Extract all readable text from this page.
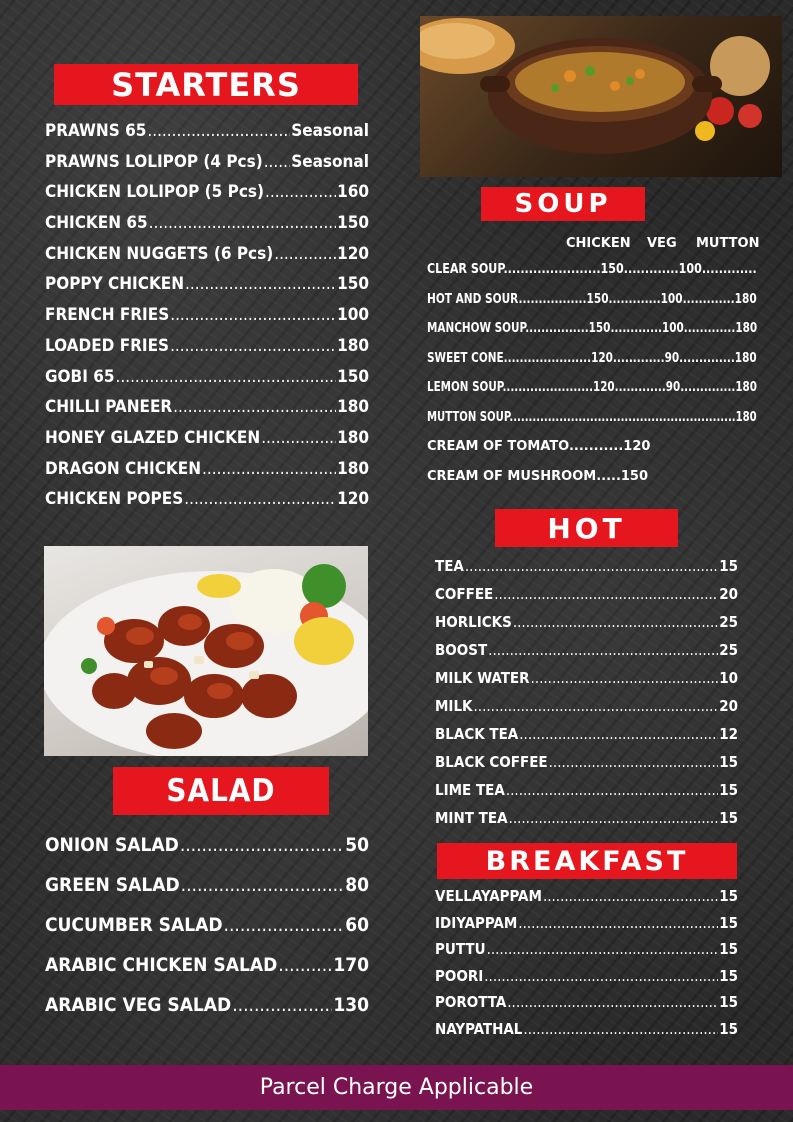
STARTERS
PRAWNS 65 .....	Seasonal
PRAWNS LOLIPOP (4 Pcs) ..... Seasonal
CHICKEN LOLIPOP (5 Pcs) .....	160
CHICKEN 65 .....	150
CHICKEN NUGGETS (6 Pcs) .....	120
POPPY CHICKEN .....	150
FRENCH FRIES .....	100
LOADED FRIES .....	180
GOBI 65 .....	150
CHILLI PANEER .....	180
HONEY GLAZED CHICKEN .....	180
DRAGON CHICKEN .....	180
CHICKEN POPES .....	120
SALAD
ONION SALAD .....	50
GREEN SALAD .....	80
CUCUMBER SALAD .....	60
ARABIC CHICKEN SALAD .....	170
ARABIC VEG SALAD .....	130
SOUP
CHICKEN VEG MUTTON
CLEAR SOUP.......................150.............100.............
HOT AND SOUR.................150.............100.............180
MANCHOW SOUP................150.............100.............180
SWEET CONE......................120.............90..............180
LEMON SOUP.......................120.............90..............180
MUTTON SOUP...........................................................180
CREAM OF TOMATO...........120
CREAM OF MUSHROOM.....150
HOT
TEA .....	15
COFFEE .....	20
HORLICKS .....	25
BOOST .....	25
MILK WATER .....	10
MILK .....	20
BLACK TEA .....	12
BLACK COFFEE .....	15
LIME TEA .....	15
MINT TEA .....	15
BREAKFAST
VELLAYAPPAM .....	15
IDIYAPPAM .....	15
PUTTU .....	15
POORI .....	15
POROTTA .....	15
NAYPATHAL .....	15
Parcel Charge Applicable
